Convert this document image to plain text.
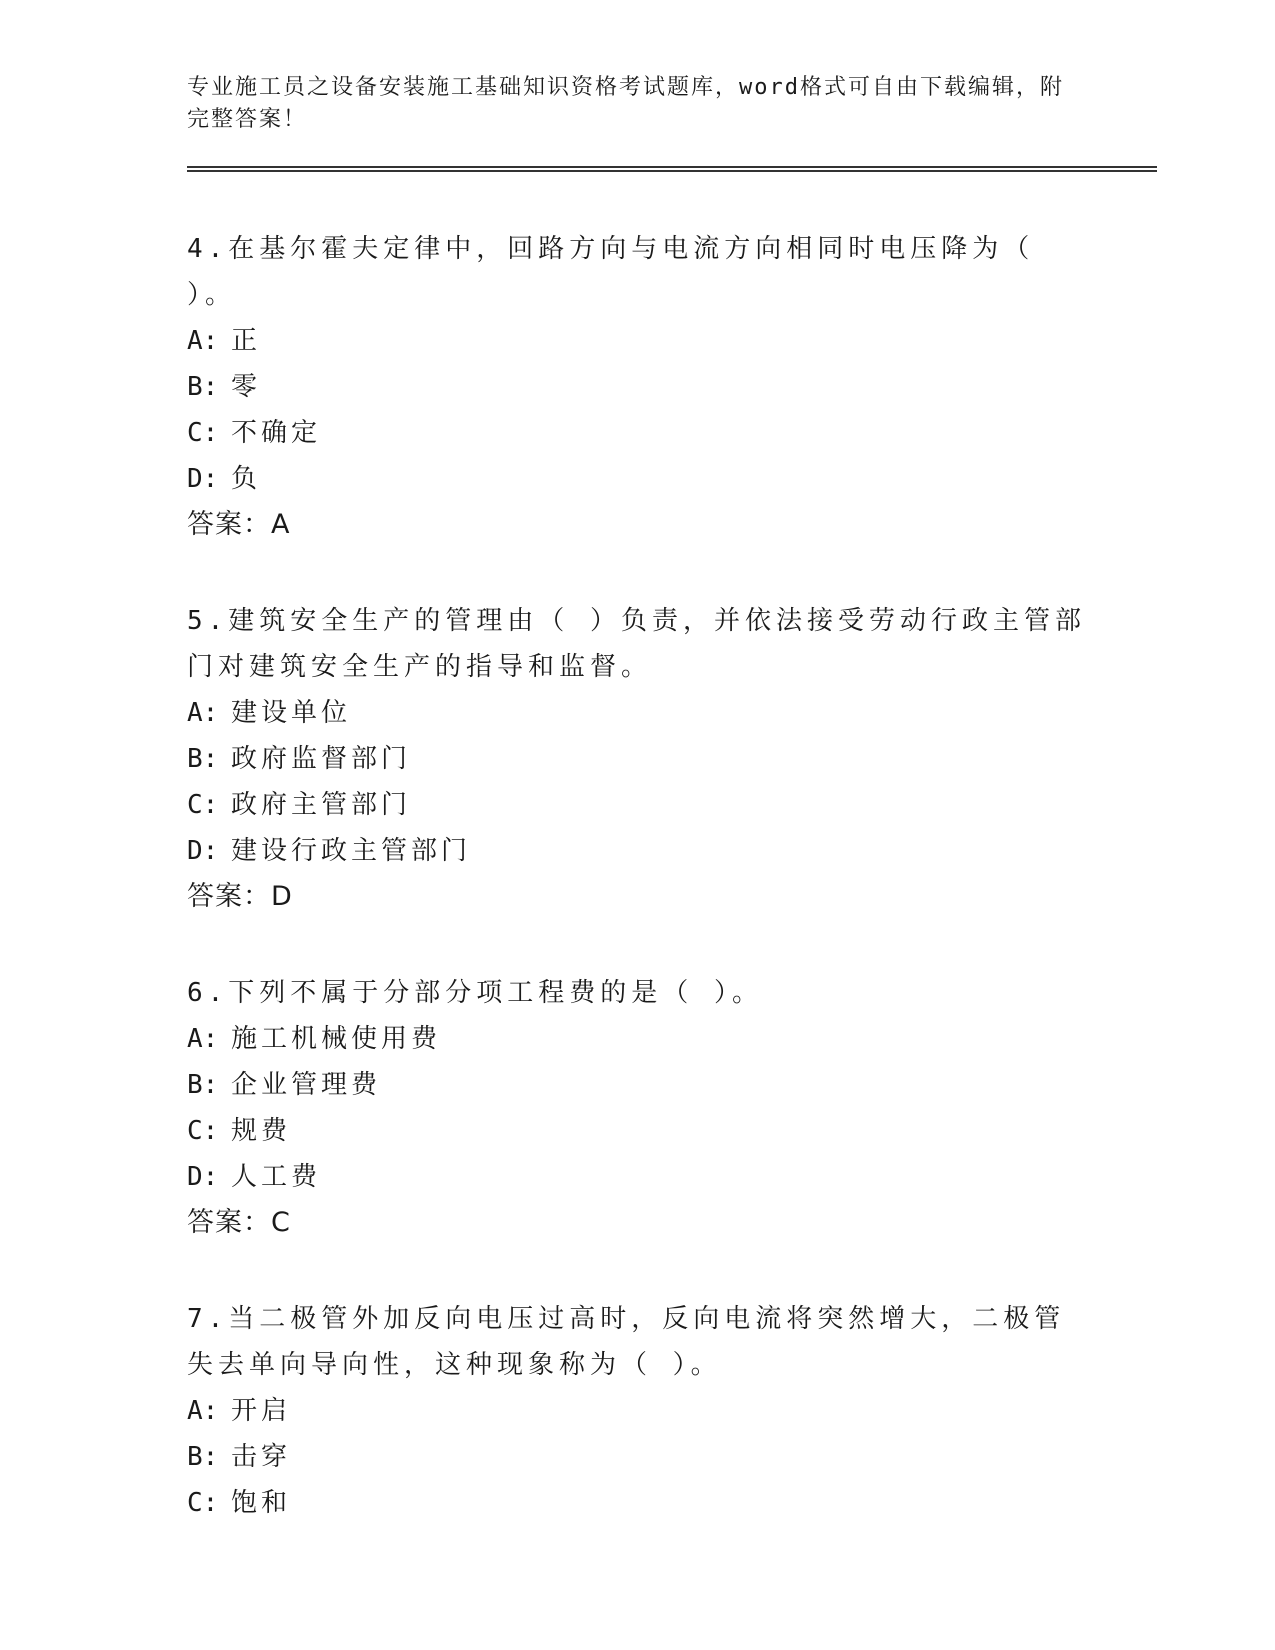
专业施工员之设备安装施工基础知识资格考试题库，word格式可自由下载编辑，附完整答案！
4.在基尔霍夫定律中，回路方向与电流方向相同时电压降为（ ）。
A: 正
B: 零
C: 不确定
D: 负
答案：A
5.建筑安全生产的管理由（ ）负责，并依法接受劳动行政主管部门对建筑安全生产的指导和监督。
A: 建设单位
B: 政府监督部门
C: 政府主管部门
D: 建设行政主管部门
答案：D
6.下列不属于分部分项工程费的是（ ）。
A: 施工机械使用费
B: 企业管理费
C: 规费
D: 人工费
答案：C
7.当二极管外加反向电压过高时，反向电流将突然增大，二极管失去单向导向性，这种现象称为（ ）。
A: 开启
B: 击穿
C: 饱和
